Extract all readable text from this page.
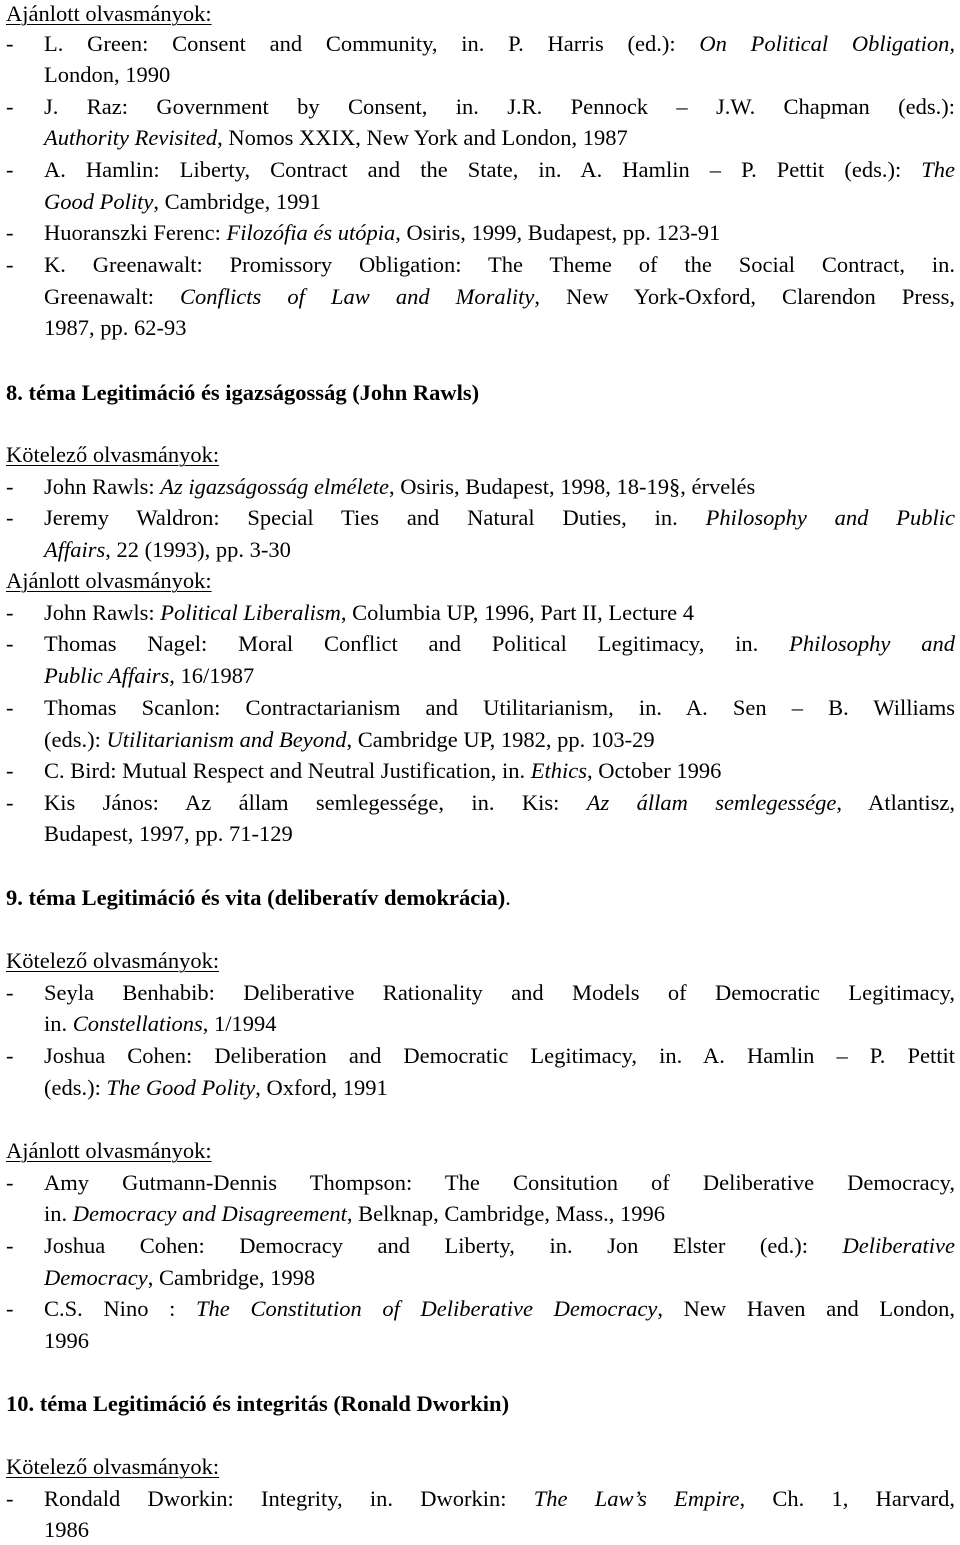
Ajánlott olvasmányok:
- L. Green: Consent and Community, in. P. Harris (ed.): On Political Obligation,
London, 1990
- J. Raz: Government by Consent, in. J.R. Pennock – J.W. Chapman (eds.):
Authority Revisited, Nomos XXIX, New York and London, 1987
- A. Hamlin: Liberty, Contract and the State, in. A. Hamlin – P. Pettit (eds.): The
Good Polity, Cambridge, 1991
- Huoranszki Ferenc: Filozófia és utópia, Osiris, 1999, Budapest, pp. 123-91
- K. Greenawalt: Promissory Obligation: The Theme of the Social Contract, in.
Greenawalt: Conflicts of Law and Morality, New York-Oxford, Clarendon Press,
1987, pp. 62-93
8. téma Legitimáció és igazságosság (John Rawls)
Kötelező olvasmányok:
- John Rawls: Az igazságosság elmélete, Osiris, Budapest, 1998, 18-19§, érvelés
- Jeremy Waldron: Special Ties and Natural Duties, in. Philosophy and Public
Affairs, 22 (1993), pp. 3-30
Ajánlott olvasmányok:
- John Rawls: Political Liberalism, Columbia UP, 1996, Part II, Lecture 4
- Thomas Nagel: Moral Conflict and Political Legitimacy, in. Philosophy and
Public Affairs, 16/1987
- Thomas Scanlon: Contractarianism and Utilitarianism, in. A. Sen – B. Williams
(eds.): Utilitarianism and Beyond, Cambridge UP, 1982, pp. 103-29
- C. Bird: Mutual Respect and Neutral Justification, in. Ethics, October 1996
- Kis János: Az állam semlegessége, in. Kis: Az állam semlegessége, Atlantisz,
Budapest, 1997, pp. 71-129
9. téma Legitimáció és vita (deliberatív demokrácia).
Kötelező olvasmányok:
- Seyla Benhabib: Deliberative Rationality and Models of Democratic Legitimacy,
in. Constellations, 1/1994
- Joshua Cohen: Deliberation and Democratic Legitimacy, in. A. Hamlin – P. Pettit
(eds.): The Good Polity, Oxford, 1991
Ajánlott olvasmányok:
- Amy Gutmann-Dennis Thompson: The Consitution of Deliberative Democracy,
in. Democracy and Disagreement, Belknap, Cambridge, Mass., 1996
- Joshua Cohen: Democracy and Liberty, in. Jon Elster (ed.): Deliberative
Democracy, Cambridge, 1998
- C.S. Nino : The Constitution of Deliberative Democracy, New Haven and London,
1996
10. téma Legitimáció és integritás (Ronald Dworkin)
Kötelező olvasmányok:
- Rondald Dworkin: Integrity, in. Dworkin: The Law’s Empire, Ch. 1, Harvard,
1986
